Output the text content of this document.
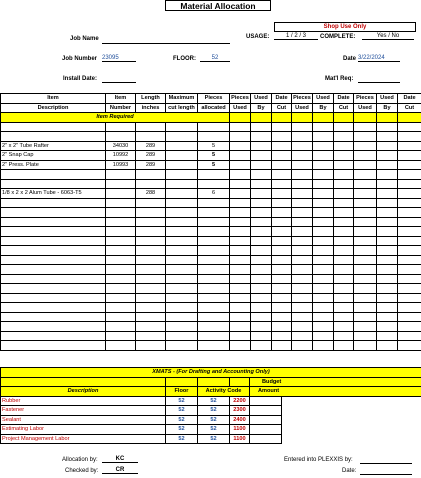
Material Allocation
Shop Use Only
USAGE:	1 / 2 / 3	COMPLETE:	Yes / No
Job Name
Job Number 23095	FLOOR:	52	Date 3/22/2024
Install Date:	Mat'l Req:
Item	Item	Length	Maximum	Pieces	Pieces	Used	Date	Pieces	Used	Date	Pieces	Used	Date
Description	Number	inches	cut length	allocated	Used	By	Cut	Used	By	Cut	Used	By	Cut
Item Required													

2" x 2" Tube Rafter	34030	289		5									
2" Snap Cap	10992	289		5									
2" Press. Plate	10993	289		5									

1/8 x 2 x 2 Alum Tube - 6063-T5		288		6									

XMATS - (For Drafting and Accounting Only)					
				Budget	
Description	Floor	Activity Code		Amount	
Rubber	52	52	2200		
Fastener	52	52	2300		
Sealant	52	52	2400		
Estimating Labor	52	52	1100		
Project Management Labor	52	52	1100		
Allocation by:	KC
Checked by:	CR
Entered into PLEXXIS by:
Date:
